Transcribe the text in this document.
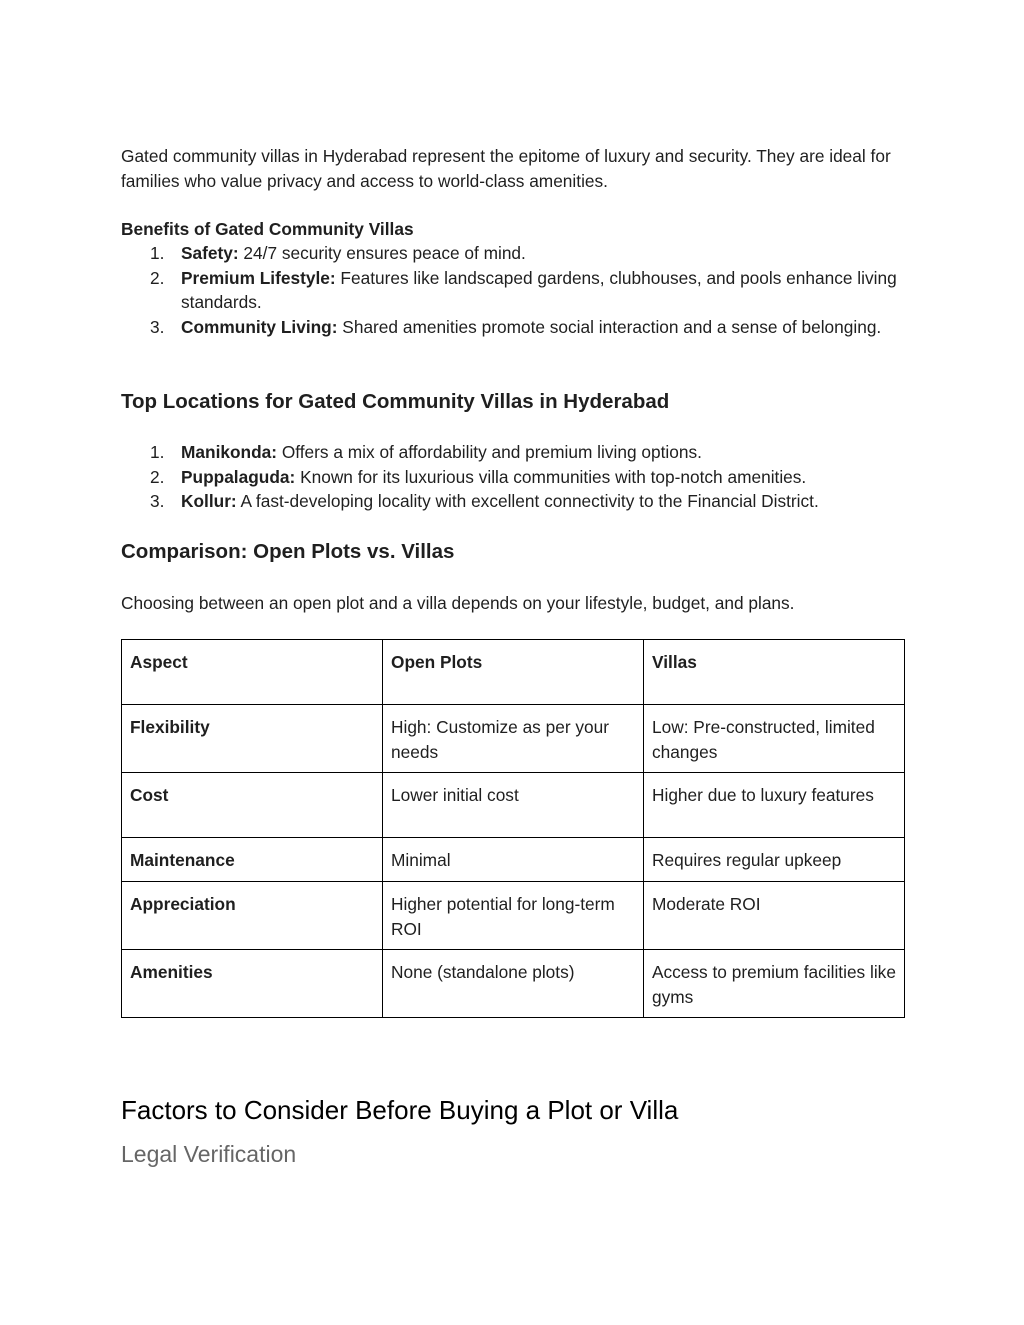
Gated community villas in Hyderabad represent the epitome of luxury and security. They are ideal for families who value privacy and access to world-class amenities.

Benefits of Gated Community Villas

1. Safety: 24/7 security ensures peace of mind.
2. Premium Lifestyle: Features like landscaped gardens, clubhouses, and pools enhance living standards.
3. Community Living: Shared amenities promote social interaction and a sense of belonging.
Top Locations for Gated Community Villas in Hyderabad
1. Manikonda: Offers a mix of affordability and premium living options.
2. Puppalaguda: Known for its luxurious villa communities with top-notch amenities.
3. Kollur: A fast-developing locality with excellent connectivity to the Financial District.
Comparison: Open Plots vs. Villas

Choosing between an open plot and a villa depends on your lifestyle, budget, and plans.

Aspect	Open Plots	Villas
Flexibility	High: Customize as per your needs	Low: Pre-constructed, limited changes
Cost	Lower initial cost	Higher due to luxury features
Maintenance	Minimal	Requires regular upkeep
Appreciation	Higher potential for long-term ROI	Moderate ROI
Amenities	None (standalone plots)	Access to premium facilities like gyms
Factors to Consider Before Buying a Plot or Villa
Legal Verification
